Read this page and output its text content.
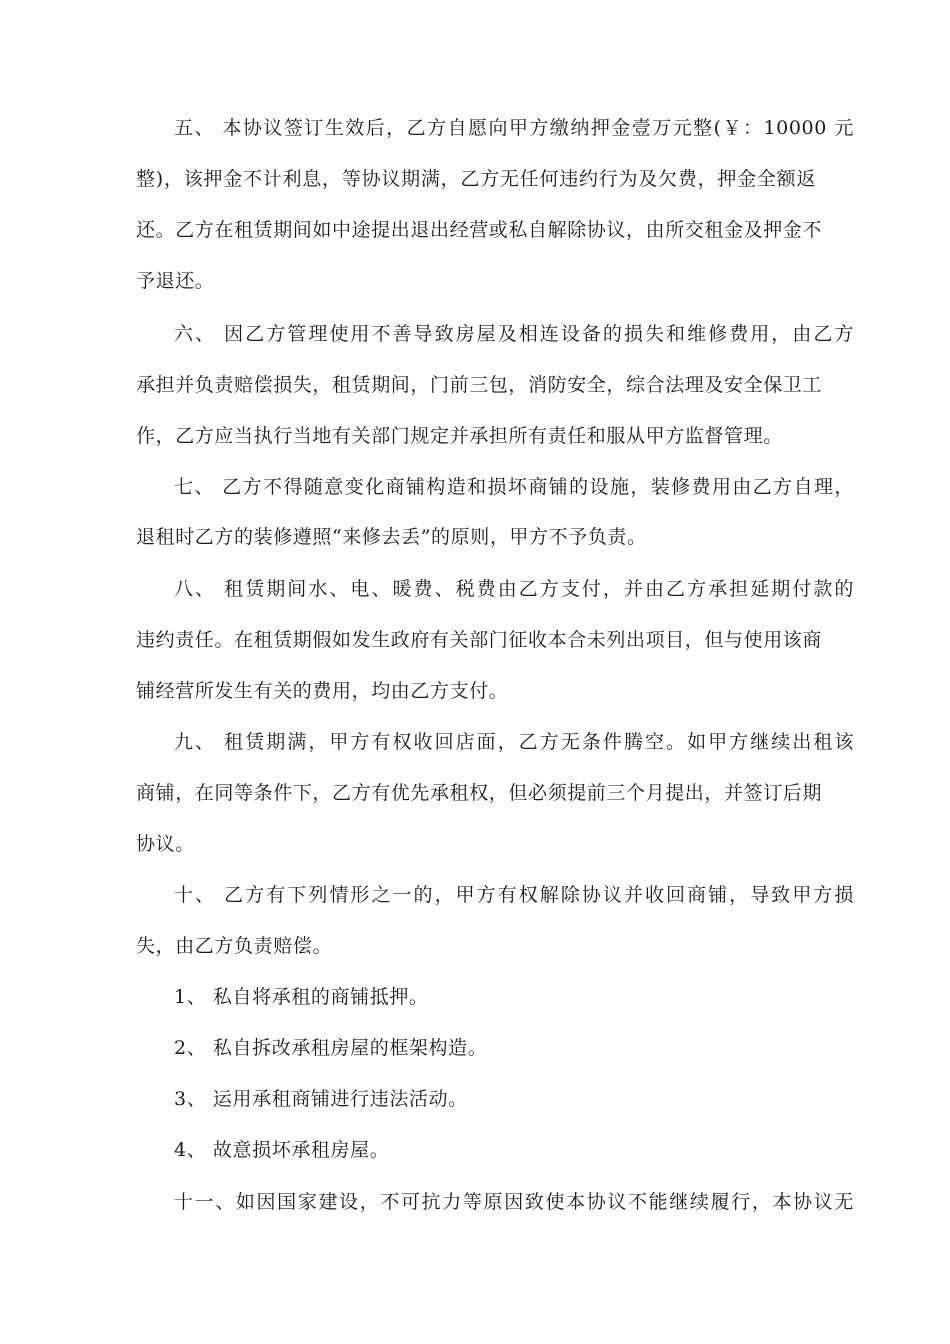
五、 本协议签订生效后，乙方自愿向甲方缴纳押金壹万元整(￥：10000 元
整)，该押金不计利息，等协议期满，乙方无任何违约行为及欠费，押金全额返
还。乙方在租赁期间如中途提出退出经营或私自解除协议，由所交租金及押金不
予退还。
六、 因乙方管理使用不善导致房屋及相连设备的损失和维修费用，由乙方
承担并负责赔偿损失，租赁期间，门前三包，消防安全，综合法理及安全保卫工
作，乙方应当执行当地有关部门规定并承担所有责任和服从甲方监督管理。
七、 乙方不得随意变化商铺构造和损坏商铺的设施，装修费用由乙方自理，
退租时乙方的装修遵照“来修去丢”的原则，甲方不予负责。
八、 租赁期间水、电、暖费、税费由乙方支付，并由乙方承担延期付款的
违约责任。在租赁期假如发生政府有关部门征收本合未列出项目，但与使用该商
铺经营所发生有关的费用，均由乙方支付。
九、 租赁期满，甲方有权收回店面，乙方无条件腾空。如甲方继续出租该
商铺，在同等条件下，乙方有优先承租权，但必须提前三个月提出，并签订后期
协议。
十、 乙方有下列情形之一的，甲方有权解除协议并收回商铺，导致甲方损
失，由乙方负责赔偿。
1、 私自将承租的商铺抵押。
2、 私自拆改承租房屋的框架构造。
3、 运用承租商铺进行违法活动。
4、 故意损坏承租房屋。
十一、如因国家建设，不可抗力等原因致使本协议不能继续履行，本协议无
